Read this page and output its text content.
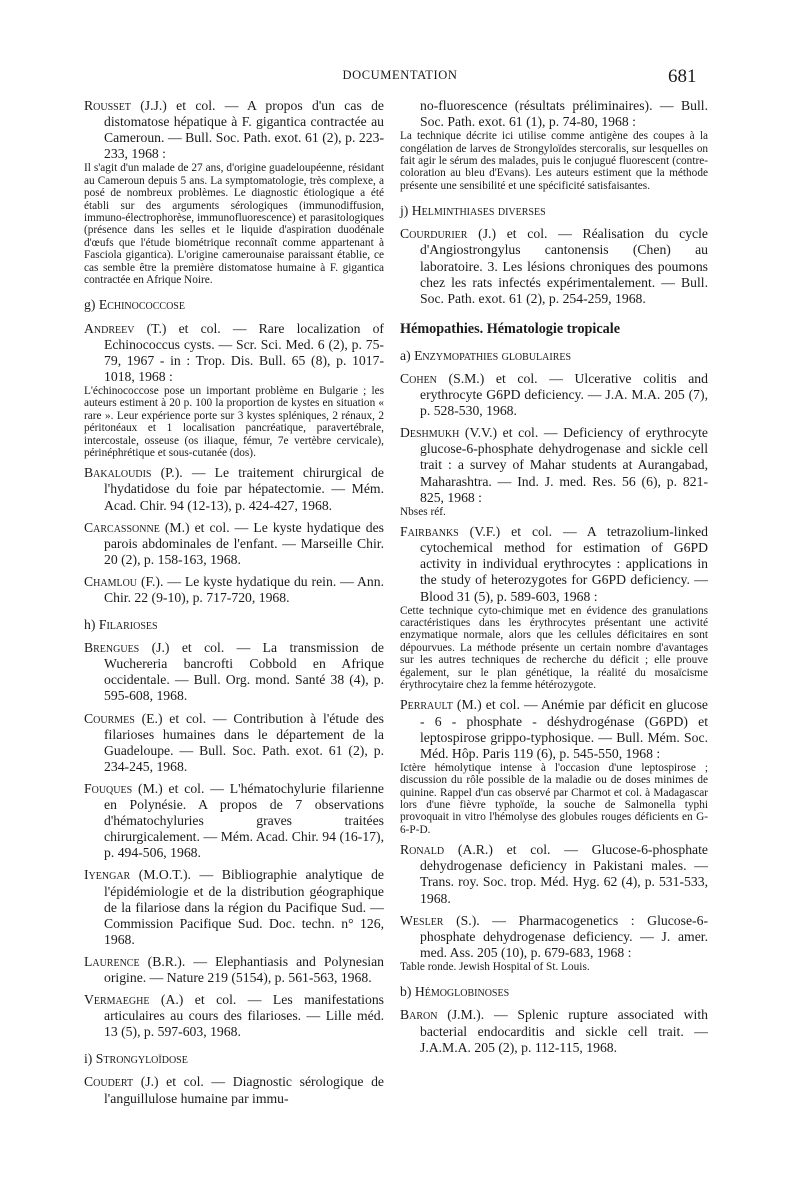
DOCUMENTATION	681
Rousset (J.J.) et col. — A propos d'un cas de distomatose hépatique à F. gigantica contractée au Cameroun. — Bull. Soc. Path. exot. 61 (2), p. 223-233, 1968 :
Il s'agit d'un malade de 27 ans, d'origine guadeloupéenne, résidant au Cameroun depuis 5 ans. La symptomatologie, très complexe, a posé de nombreux problèmes. Le diagnostic étiologique a été établi sur des arguments sérologiques (immunodiffusion, immuno-électrophorèse, immunofluorescence) et parasitologiques (présence dans les selles et le liquide d'aspiration duodénale d'œufs que l'étude biométrique reconnaît comme appartenant à Fasciola gigantica). L'origine camerounaise paraissant établie, ce cas semble être la première distomatose humaine à F. gigantica contractée en Afrique Noire.
g) Echinococcose
Andreev (T.) et col. — Rare localization of Echinococcus cysts. — Scr. Sci. Med. 6 (2), p. 75-79, 1967 - in : Trop. Dis. Bull. 65 (8), p. 1017-1018, 1968 :
L'échinococcose pose un important problème en Bulgarie ; les auteurs estiment à 20 p. 100 la proportion de kystes en situation « rare ». Leur expérience porte sur 3 kystes spléniques, 2 rénaux, 2 péritonéaux et 1 localisation pancréatique, paravertébrale, intercostale, osseuse (os iliaque, fémur, 7e vertèbre cervicale), périnéphrétique et sous-cutanée (dos).
Bakaloudis (P.). — Le traitement chirurgical de l'hydatidose du foie par hépatectomie. — Mém. Acad. Chir. 94 (12-13), p. 424-427, 1968.
Carcassonne (M.) et col. — Le kyste hydatique des parois abdominales de l'enfant. — Marseille Chir. 20 (2), p. 158-163, 1968.
Chamlou (F.). — Le kyste hydatique du rein. — Ann. Chir. 22 (9-10), p. 717-720, 1968.
h) Filarioses
Brengues (J.) et col. — La transmission de Wuchereria bancrofti Cobbold en Afrique occidentale. — Bull. Org. mond. Santé 38 (4), p. 595-608, 1968.
Courmes (E.) et col. — Contribution à l'étude des filarioses humaines dans le département de la Guadeloupe. — Bull. Soc. Path. exot. 61 (2), p. 234-245, 1968.
Fouques (M.) et col. — L'hématochylurie filarienne en Polynésie. A propos de 7 observations d'hématochyluries graves traitées chirurgicalement. — Mém. Acad. Chir. 94 (16-17), p. 494-506, 1968.
Iyengar (M.O.T.). — Bibliographie analytique de l'épidémiologie et de la distribution géographique de la filariose dans la région du Pacifique Sud. — Commission Pacifique Sud. Doc. techn. n° 126, 1968.
Laurence (B.R.). — Elephantiasis and Polynesian origine. — Nature 219 (5154), p. 561-563, 1968.
Vermaeghe (A.) et col. — Les manifestations articulaires au cours des filarioses. — Lille méd. 13 (5), p. 597-603, 1968.
i) Strongyloïdose
Coudert (J.) et col. — Diagnostic sérologique de l'anguillulose humaine par immu-
no-fluorescence (résultats préliminaires). — Bull. Soc. Path. exot. 61 (1), p. 74-80, 1968 :
La technique décrite ici utilise comme antigène des coupes à la congélation de larves de Strongyloïdes stercoralis, sur lesquelles on fait agir le sérum des malades, puis le conjugué fluorescent (contre-coloration au bleu d'Evans). Les auteurs estiment que la méthode présente une sensibilité et une spécificité satisfaisantes.
j) Helminthiases diverses
Courdurier (J.) et col. — Réalisation du cycle d'Angiostrongylus cantonensis (Chen) au laboratoire. 3. Les lésions chroniques des poumons chez les rats infectés expérimentalement. — Bull. Soc. Path. exot. 61 (2), p. 254-259, 1968.
Hémopathies. Hématologie tropicale
a) Enzymopathies globulaires
Cohen (S.M.) et col. — Ulcerative colitis and erythrocyte G6PD deficiency. — J.A. M.A. 205 (7), p. 528-530, 1968.
Deshmukh (V.V.) et col. — Deficiency of erythrocyte glucose-6-phosphate dehydrogenase and sickle cell trait : a survey of Mahar students at Aurangabad, Maharashtra. — Ind. J. med. Res. 56 (6), p. 821-825, 1968 :
Nbses réf.
Fairbanks (V.F.) et col. — A tetrazolium-linked cytochemical method for estimation of G6PD activity in individual erythrocytes : applications in the study of heterozygotes for G6PD deficiency. — Blood 31 (5), p. 589-603, 1968 :
Cette technique cyto-chimique met en évidence des granulations caractéristiques dans les érythrocytes présentant une activité enzymatique normale, alors que les cellules déficitaires en sont dépourvues. La méthode présente un certain nombre d'avantages sur les autres techniques de recherche du déficit ; elle prouve également, sur le plan génétique, la réalité du mosaïcisme érythrocytaire chez la femme hétérozygote.
Perrault (M.) et col. — Anémie par déficit en glucose - 6 - phosphate - déshydrogénase (G6PD) et leptospirose grippo-typhosique. — Bull. Mém. Soc. Méd. Hôp. Paris 119 (6), p. 545-550, 1968 :
Ictère hémolytique intense à l'occasion d'une leptospirose ; discussion du rôle possible de la maladie ou de doses minimes de quinine. Rappel d'un cas observé par Charmot et col. à Madagascar lors d'une fièvre typhoïde, la souche de Salmonella typhi provoquait in vitro l'hémolyse des globules rouges déficients en G-6-P-D.
Ronald (A.R.) et col. — Glucose-6-phosphate dehydrogenase deficiency in Pakistani males. — Trans. roy. Soc. trop. Méd. Hyg. 62 (4), p. 531-533, 1968.
Wesler (S.). — Pharmacogenetics : Glucose-6-phosphate dehydrogenase deficiency. — J. amer. med. Ass. 205 (10), p. 679-683, 1968 :
Table ronde. Jewish Hospital of St. Louis.
b) Hémoglobinoses
Baron (J.M.). — Splenic rupture associated with bacterial endocarditis and sickle cell trait. — J.A.M.A. 205 (2), p. 112-115, 1968.
